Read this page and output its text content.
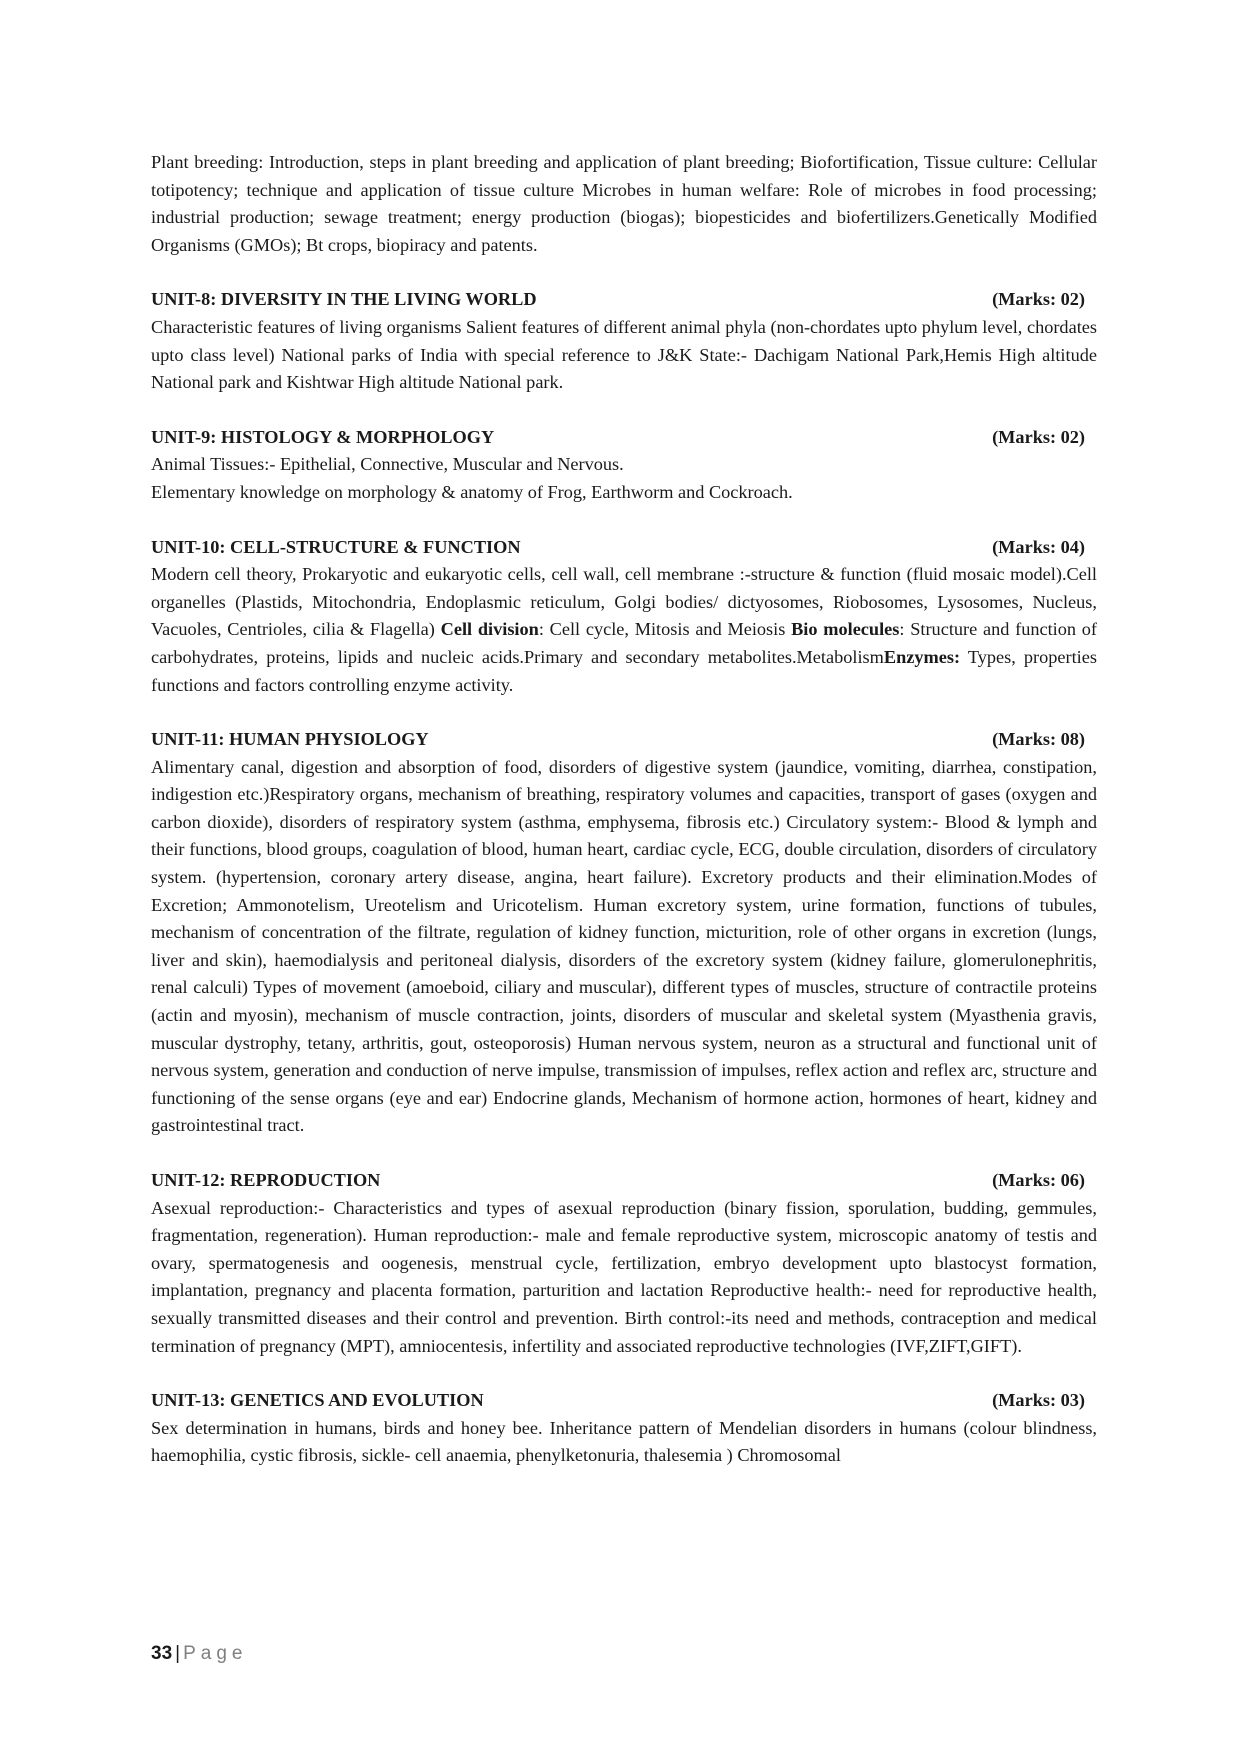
Plant breeding: Introduction, steps in plant breeding and application of plant breeding; Biofortification, Tissue culture: Cellular totipotency; technique and application of tissue culture Microbes in human welfare: Role of microbes in food processing; industrial production; sewage treatment; energy production (biogas); biopesticides and biofertilizers.Genetically Modified Organisms (GMOs); Bt crops, biopiracy and patents.

UNIT-8: DIVERSITY IN THE LIVING WORLD	(Marks: 02)

Characteristic features of living organisms Salient features of different animal phyla (non-chordates upto phylum level, chordates upto class level) National parks of India with special reference to J&K State:- Dachigam National Park,Hemis High altitude National park and Kishtwar High altitude National park.

UNIT-9: HISTOLOGY & MORPHOLOGY	(Marks: 02)

Animal Tissues:- Epithelial, Connective, Muscular and Nervous.
Elementary knowledge on morphology & anatomy of Frog, Earthworm and Cockroach.

UNIT-10: CELL-STRUCTURE & FUNCTION	(Marks: 04)

Modern cell theory, Prokaryotic and eukaryotic cells, cell wall, cell membrane :-structure & function (fluid mosaic model).Cell organelles (Plastids, Mitochondria, Endoplasmic reticulum, Golgi bodies/ dictyosomes, Riobosomes, Lysosomes, Nucleus, Vacuoles, Centrioles, cilia & Flagella) Cell division: Cell cycle, Mitosis and Meiosis Bio molecules: Structure and function of carbohydrates, proteins, lipids and nucleic acids.Primary and secondary metabolites.MetabolismEnzymes: Types, properties functions and factors controlling enzyme activity.

UNIT-11: HUMAN PHYSIOLOGY	(Marks: 08)

Alimentary canal, digestion and absorption of food, disorders of digestive system (jaundice, vomiting, diarrhea, constipation, indigestion etc.)Respiratory organs, mechanism of breathing, respiratory volumes and capacities, transport of gases (oxygen and carbon dioxide), disorders of respiratory system (asthma, emphysema, fibrosis etc.) Circulatory system:- Blood & lymph and their functions, blood groups, coagulation of blood, human heart, cardiac cycle, ECG, double circulation, disorders of circulatory system. (hypertension, coronary artery disease, angina, heart failure). Excretory products and their elimination.Modes of Excretion; Ammonotelism, Ureotelism and Uricotelism. Human excretory system, urine formation, functions of tubules, mechanism of concentration of the filtrate, regulation of kidney function, micturition, role of other organs in excretion (lungs, liver and skin), haemodialysis and peritoneal dialysis, disorders of the excretory system (kidney failure, glomerulonephritis, renal calculi) Types of movement (amoeboid, ciliary and muscular), different types of muscles, structure of contractile proteins (actin and myosin), mechanism of muscle contraction, joints, disorders of muscular and skeletal system (Myasthenia gravis, muscular dystrophy, tetany, arthritis, gout, osteoporosis) Human nervous system, neuron as a structural and functional unit of nervous system, generation and conduction of nerve impulse, transmission of impulses, reflex action and reflex arc, structure and functioning of the sense organs (eye and ear) Endocrine glands, Mechanism of hormone action, hormones of heart, kidney and gastrointestinal tract.

UNIT-12: REPRODUCTION	(Marks: 06)

Asexual reproduction:- Characteristics and types of asexual reproduction (binary fission, sporulation, budding, gemmules, fragmentation, regeneration). Human reproduction:- male and female reproductive system, microscopic anatomy of testis and ovary, spermatogenesis and oogenesis, menstrual cycle, fertilization, embryo development upto blastocyst formation, implantation, pregnancy and placenta formation, parturition and lactation Reproductive health:- need for reproductive health, sexually transmitted diseases and their control and prevention. Birth control:-its need and methods, contraception and medical termination of pregnancy (MPT), amniocentesis, infertility and associated reproductive technologies (IVF,ZIFT,GIFT).

UNIT-13: GENETICS AND EVOLUTION	(Marks: 03)

Sex determination in humans, birds and honey bee. Inheritance pattern of Mendelian disorders in humans (colour blindness, haemophilia, cystic fibrosis, sickle- cell anaemia, phenylketonuria, thalesemia ) Chromosomal

33 | Page
